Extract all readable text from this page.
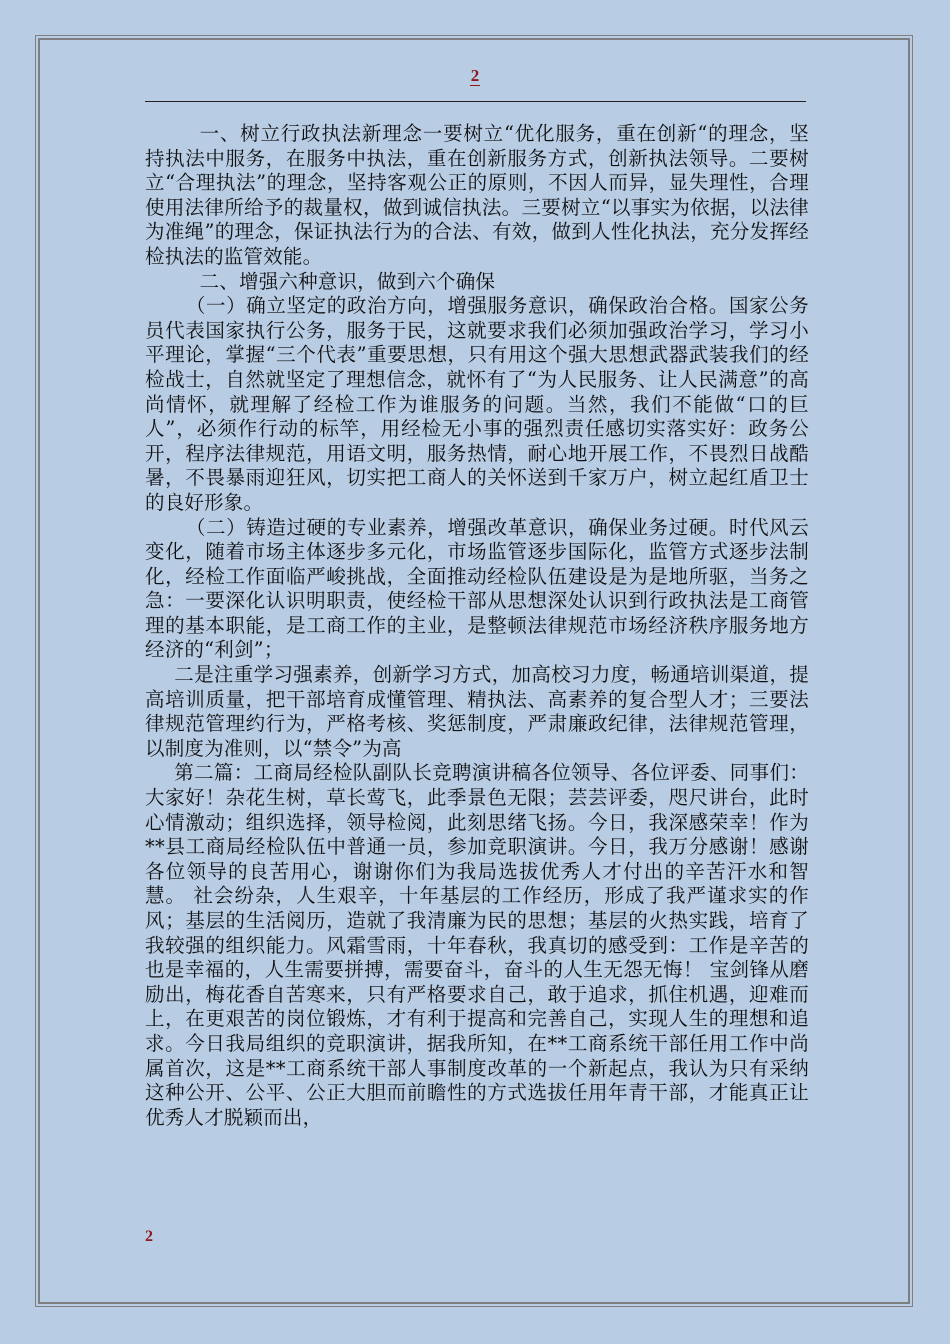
2

一、树立行政执法新理念一要树立“优化服务，重在创新“的理念，坚持执法中服务，在服务中执法，重在创新服务方式，创新执法领导。二要树立“合理执法”的理念，坚持客观公正的原则，不因人而异，显失理性，合理使用法律所给予的裁量权，做到诚信执法。三要树立“以事实为依据，以法律为准绳”的理念，保证执法行为的合法、有效，做到人性化执法，充分发挥经检执法的监管效能。

二、增强六种意识，做到六个确保

（一）确立坚定的政治方向，增强服务意识，确保政治合格。国家公务员代表国家执行公务，服务于民，这就要求我们必须加强政治学习，学习小平理论，掌握“三个代表”重要思想，只有用这个强大思想武器武装我们的经检战士，自然就坚定了理想信念，就怀有了“为人民服务、让人民满意”的高尚情怀，就理解了经检工作为谁服务的问题。当然，我们不能做“口的巨人”，必须作行动的标竿，用经检无小事的强烈责任感切实落实好：政务公开，程序法律规范，用语文明，服务热情，耐心地开展工作，不畏烈日战酷暑，不畏暴雨迎狂风，切实把工商人的关怀送到千家万户，树立起红盾卫士的良好形象。

（二）铸造过硬的专业素养，增强改革意识，确保业务过硬。时代风云变化，随着市场主体逐步多元化，市场监管逐步国际化，监管方式逐步法制化，经检工作面临严峻挑战，全面推动经检队伍建设是为是地所驱，当务之急：一要深化认识明职责，使经检干部从思想深处认识到行政执法是工商管理的基本职能，是工商工作的主业，是整顿法律规范市场经济秩序服务地方经济的“利剑”；

二是注重学习强素养，创新学习方式，加高校习力度，畅通培训渠道，提高培训质量，把干部培育成懂管理、精执法、高素养的复合型人才；三要法律规范管理约行为，严格考核、奖惩制度，严肃廉政纪律，法律规范管理，以制度为准则，以“禁令”为高

第二篇：工商局经检队副队长竞聘演讲稿各位领导、各位评委、同事们：大家好！杂花生树，草长莺飞，此季景色无限；芸芸评委，咫尺讲台，此时心情激动；组织选择，领导检阅，此刻思绪飞扬。今日，我深感荣幸！作为**县工商局经检队伍中普通一员，参加竞职演讲。今日，我万分感谢！感谢各位领导的良苦用心，谢谢你们为我局选拔优秀人才付出的辛苦汗水和智慧。 社会纷杂，人生艰辛，十年基层的工作经历，形成了我严谨求实的作风；基层的生活阅历，造就了我清廉为民的思想；基层的火热实践，培育了我较强的组织能力。风霜雪雨，十年春秋，我真切的感受到：工作是辛苦的也是幸福的，人生需要拼搏，需要奋斗，奋斗的人生无怨无悔！ 宝剑锋从磨励出，梅花香自苦寒来，只有严格要求自己，敢于追求，抓住机遇，迎难而上，在更艰苦的岗位锻炼，才有利于提高和完善自己，实现人生的理想和追求。今日我局组织的竞职演讲，据我所知，在**工商系统干部任用工作中尚属首次，这是**工商系统干部人事制度改革的一个新起点，我认为只有采纳这种公开、公平、公正大胆而前瞻性的方式选拔任用年青干部，才能真正让优秀人才脱颖而出，

2
